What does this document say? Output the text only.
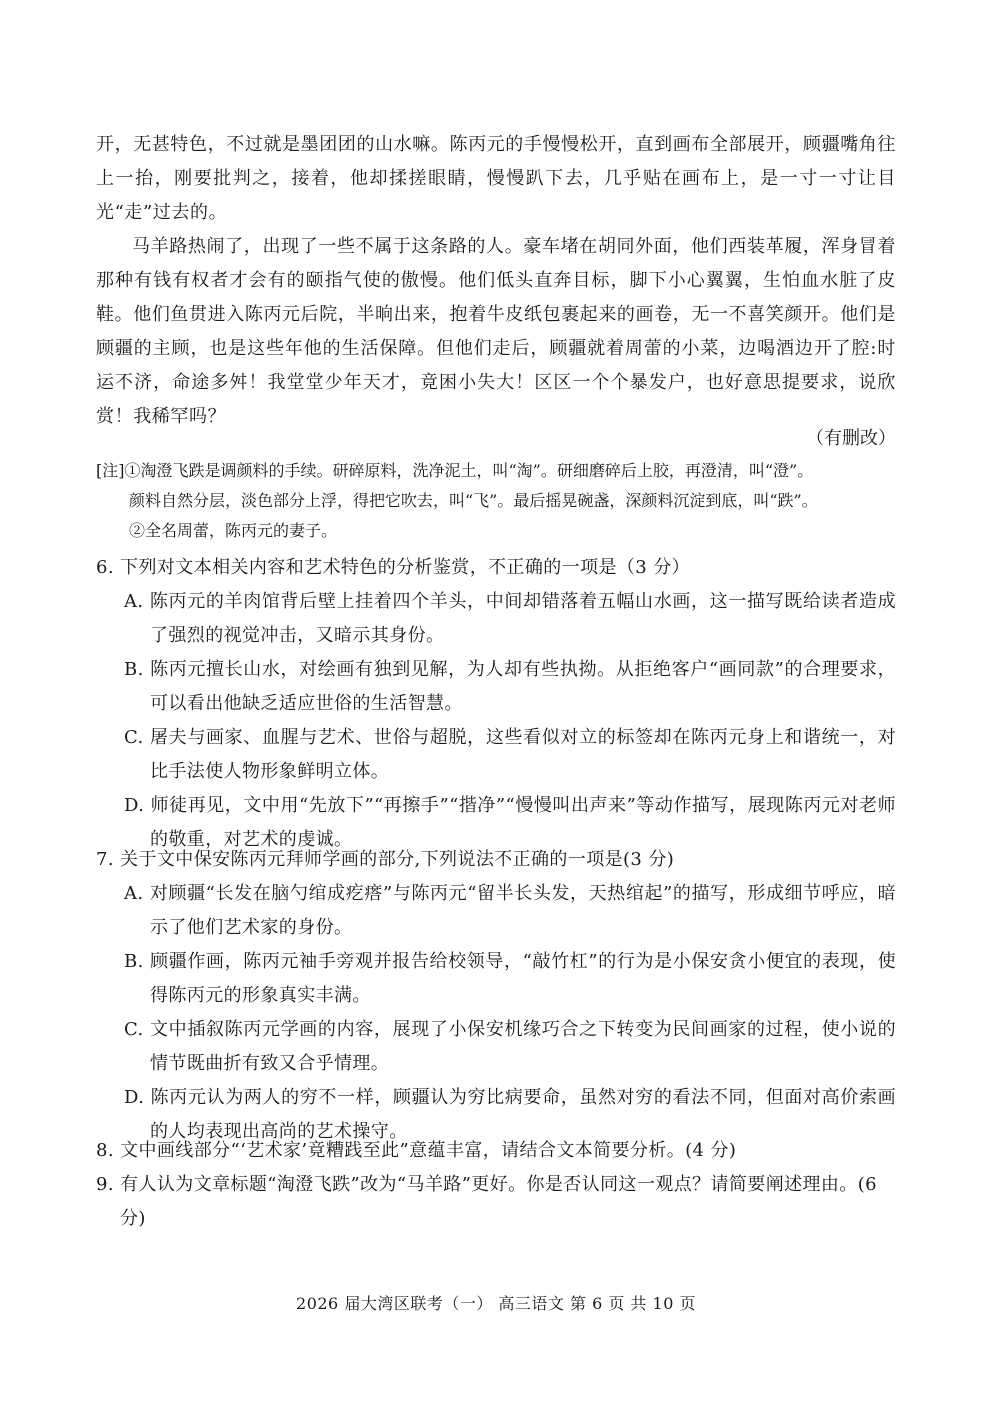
开，无甚特色，不过就是墨团团的山水嘛。陈丙元的手慢慢松开，直到画布全部展开，顾疆嘴角往上一抬，刚要批判之，接着，他却揉搓眼睛，慢慢趴下去，几乎贴在画布上，是一寸一寸让目光“走”过去的。

马羊路热闹了，出现了一些不属于这条路的人。豪车堵在胡同外面，他们西装革履，浑身冒着那种有钱有权者才会有的颐指气使的傲慢。他们低头直奔目标，脚下小心翼翼，生怕血水脏了皮鞋。他们鱼贯进入陈丙元后院，半晌出来，抱着牛皮纸包裹起来的画卷，无一不喜笑颜开。他们是顾疆的主顾，也是这些年他的生活保障。但他们走后，顾疆就着周蕾的小菜，边喝酒边开了腔:时运不济，命途多舛！我堂堂少年天才，竟困小失大！区区一个个暴发户，也好意思提要求，说欣赏！我稀罕吗？

（有删改）
[注]①淘澄飞跌是调颜料的手续。研碎原料，洗净泥土，叫“淘”。研细磨碎后上胶，再澄清，叫“澄”。
颜料自然分层，淡色部分上浮，得把它吹去，叫“飞”。最后摇晃碗盏，深颜料沉淀到底，叫“跌”。
②全名周蕾，陈丙元的妻子。
6. 下列对文本相关内容和艺术特色的分析鉴赏，不正确的一项是（3 分）
A. 陈丙元的羊肉馆背后壁上挂着四个羊头，中间却错落着五幅山水画，这一描写既给读者造成了强烈的视觉冲击，又暗示其身份。
B. 陈丙元擅长山水，对绘画有独到见解，为人却有些执拗。从拒绝客户“画同款”的合理要求，可以看出他缺乏适应世俗的生活智慧。
C. 屠夫与画家、血腥与艺术、世俗与超脱，这些看似对立的标签却在陈丙元身上和谐统一，对比手法使人物形象鲜明立体。
D. 师徒再见，文中用“先放下”“再擦手”“揩净”“慢慢叫出声来”等动作描写，展现陈丙元对老师的敬重，对艺术的虔诚。
7. 关于文中保安陈丙元拜师学画的部分,下列说法不正确的一项是(3 分)
A. 对顾疆“长发在脑勺绾成疙瘩”与陈丙元“留半长头发，天热绾起”的描写，形成细节呼应，暗示了他们艺术家的身份。
B. 顾疆作画，陈丙元袖手旁观并报告给校领导，“敲竹杠”的行为是小保安贪小便宜的表现，使得陈丙元的形象真实丰满。
C. 文中插叙陈丙元学画的内容，展现了小保安机缘巧合之下转变为民间画家的过程，使小说的情节既曲折有致又合乎情理。
D. 陈丙元认为两人的穷不一样，顾疆认为穷比病要命，虽然对穷的看法不同，但面对高价索画的人均表现出高尚的艺术操守。
8. 文中画线部分“‘艺术家’竟糟践至此”意蕴丰富，请结合文本简要分析。(4 分)
9. 有人认为文章标题“淘澄飞跌”改为“马羊路”更好。你是否认同这一观点？请简要阐述理由。(6 分)
2026 届大湾区联考（一） 高三语文 第 6 页 共 10 页
